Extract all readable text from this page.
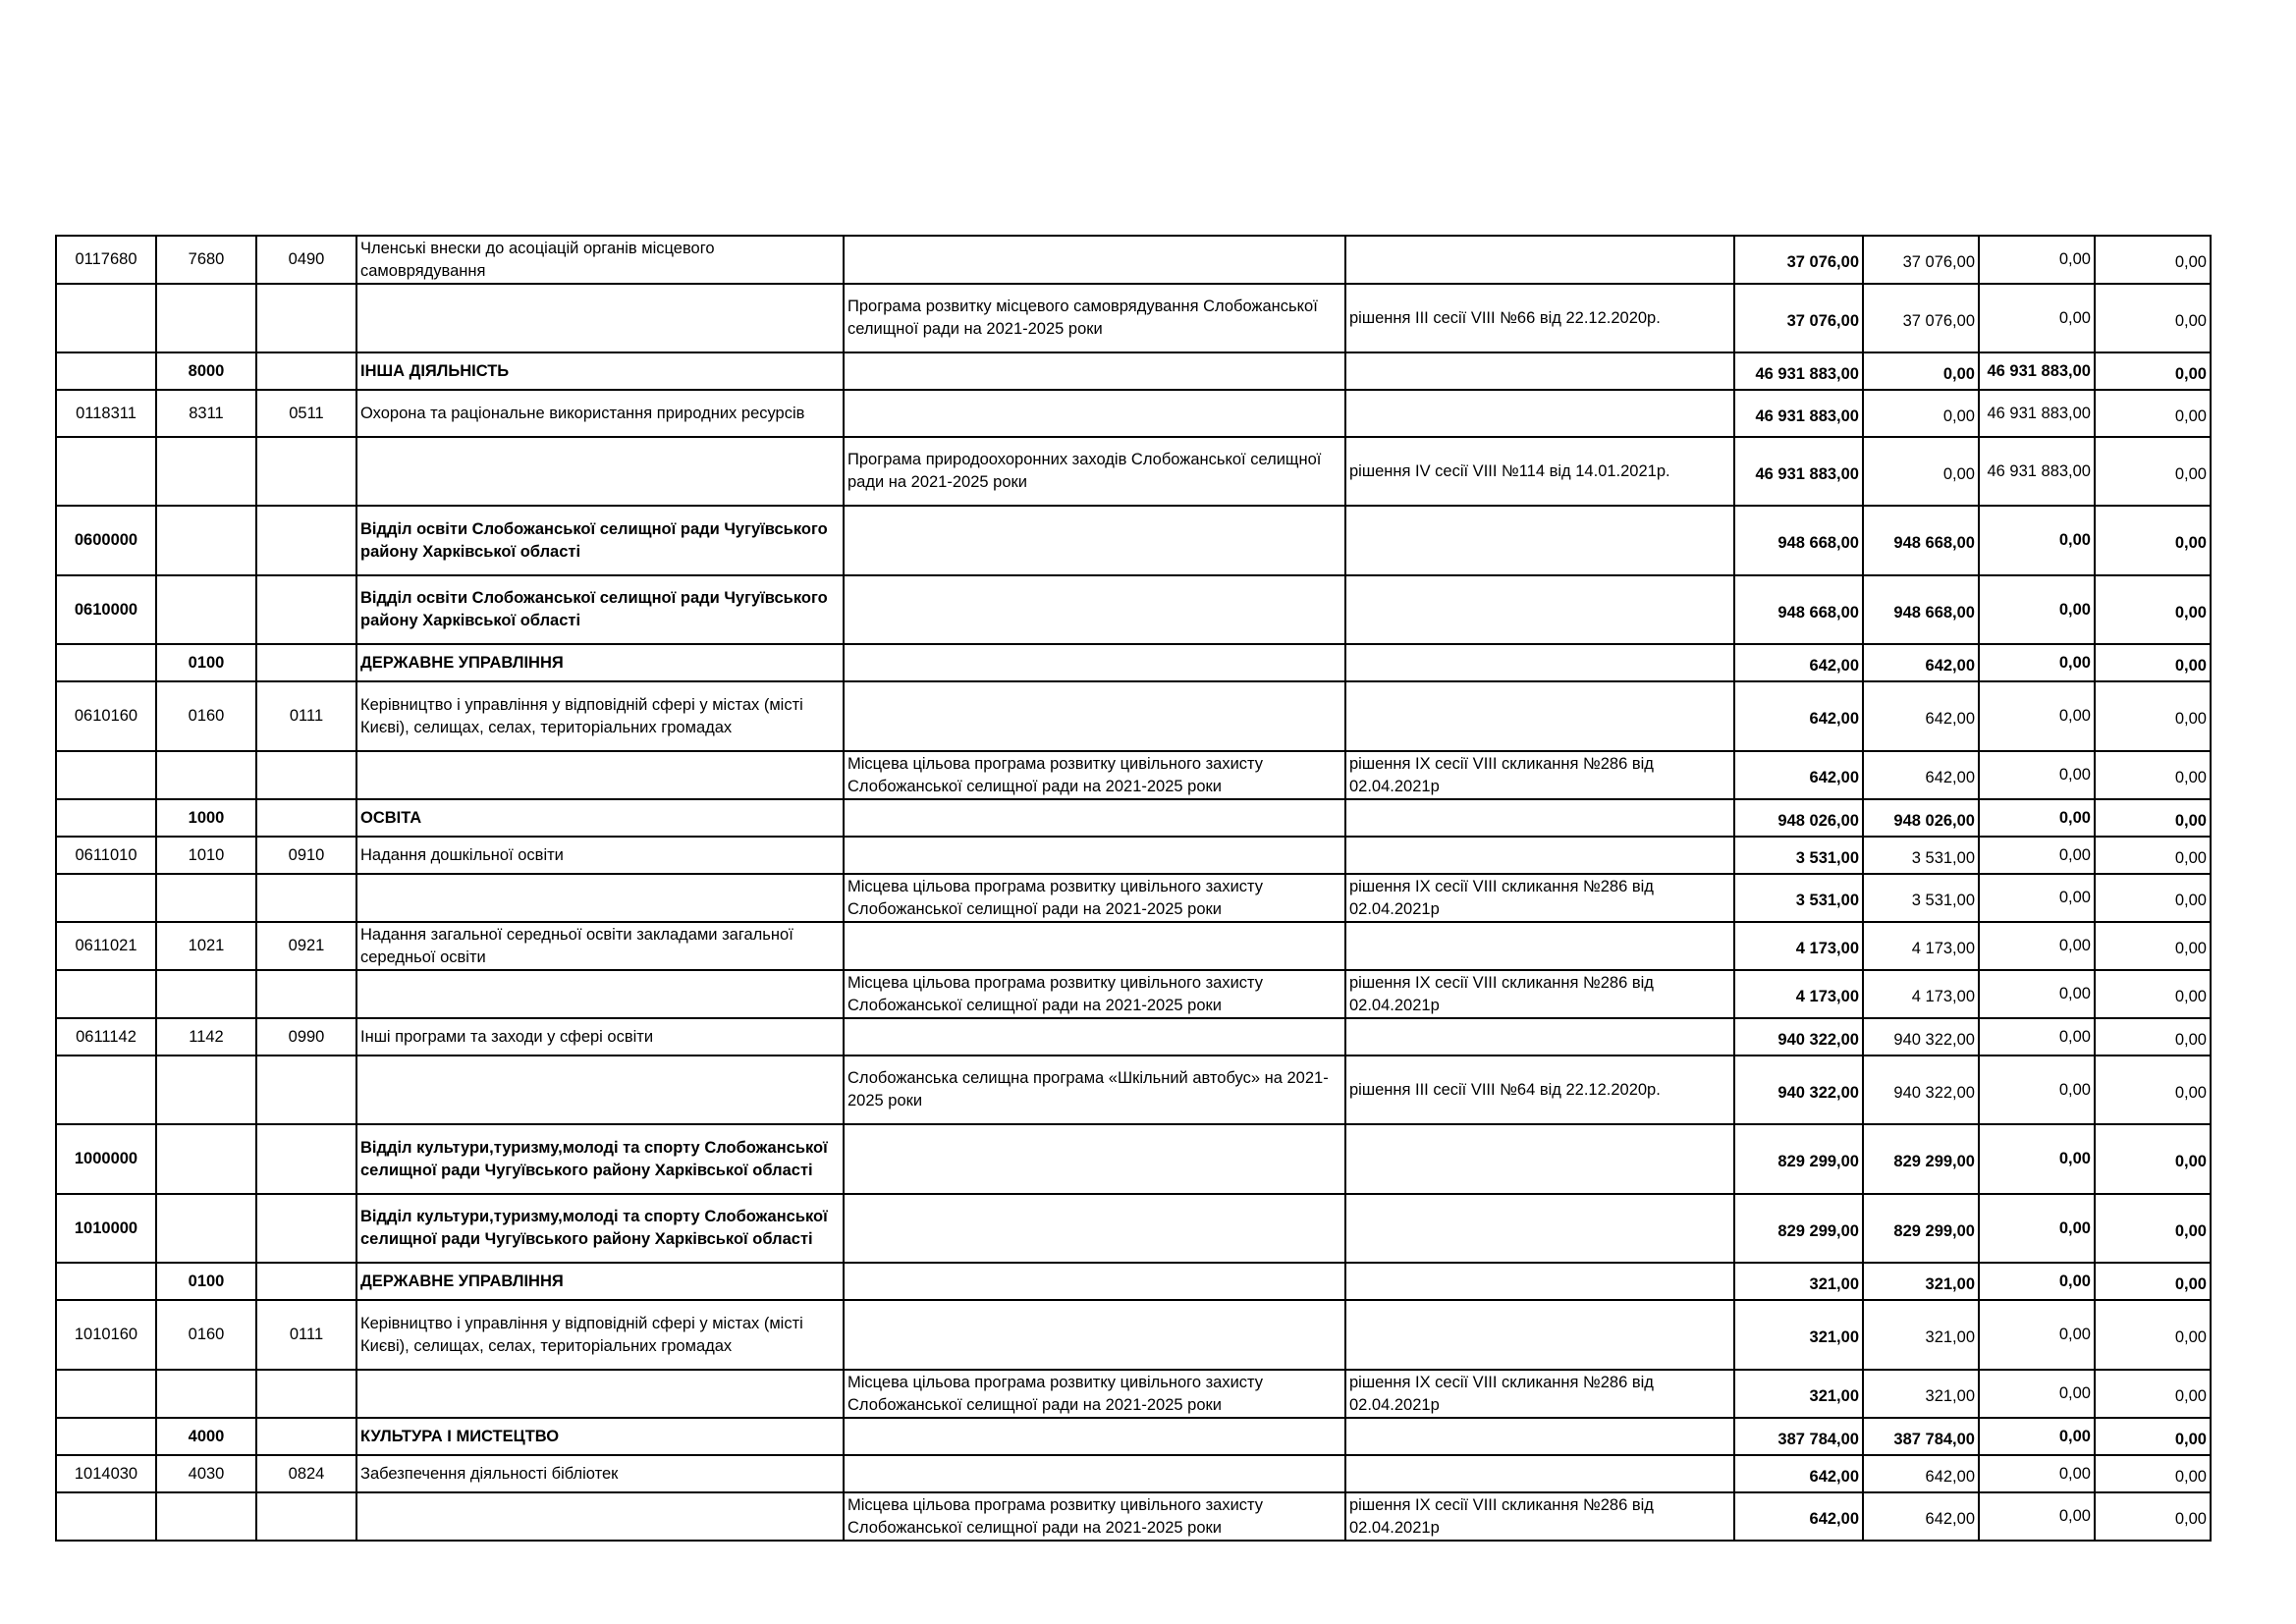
0117680	7680	0490	Членські внески до асоціацій органів місцевого самоврядування			37 076,00	37 076,00	0,00	0,00
				Програма розвитку місцевого самоврядування Слобожанської селищної ради на 2021-2025 роки	рішення III сесії VIII №66 від 22.12.2020р.	37 076,00	37 076,00	0,00	0,00
	8000		ІНША ДІЯЛЬНІСТЬ			46 931 883,00	0,00	46 931 883,00	0,00
0118311	8311	0511	Охорона та раціональне використання природних ресурсів			46 931 883,00	0,00	46 931 883,00	0,00
				Програма природоохоронних заходів Слобожанської селищної ради на 2021-2025 роки	рішення IV сесії VIII №114 від 14.01.2021р.	46 931 883,00	0,00	46 931 883,00	0,00
0600000			Відділ освіти Слобожанської селищної ради Чугуївського району Харківської області			948 668,00	948 668,00	0,00	0,00
0610000			Відділ освіти Слобожанської селищної ради Чугуївського району Харківської області			948 668,00	948 668,00	0,00	0,00
	0100		ДЕРЖАВНЕ УПРАВЛІННЯ			642,00	642,00	0,00	0,00
0610160	0160	0111	Керівництво і управління у відповідній сфері у містах (місті Києві), селищах, селах, територіальних громадах			642,00	642,00	0,00	0,00
				Місцева цільова програма розвитку цивільного захисту Слобожанської селищної ради на 2021-2025 роки	рішення IX сесії VIII скликання №286 від 02.04.2021р	642,00	642,00	0,00	0,00
	1000		ОСВІТА			948 026,00	948 026,00	0,00	0,00
0611010	1010	0910	Надання дошкільної освіти			3 531,00	3 531,00	0,00	0,00
				Місцева цільова програма розвитку цивільного захисту Слобожанської селищної ради на 2021-2025 роки	рішення IX сесії VIII скликання №286 від 02.04.2021р	3 531,00	3 531,00	0,00	0,00
0611021	1021	0921	Надання загальної середньої освіти закладами загальної середньої освіти			4 173,00	4 173,00	0,00	0,00
				Місцева цільова програма розвитку цивільного захисту Слобожанської селищної ради на 2021-2025 роки	рішення IX сесії VIII скликання №286 від 02.04.2021р	4 173,00	4 173,00	0,00	0,00
0611142	1142	0990	Інші програми та заходи у сфері освіти			940 322,00	940 322,00	0,00	0,00
				Слобожанська селищна програма «Шкільний автобус» на 2021-2025 роки	рішення III сесії VIII №64 від 22.12.2020р.	940 322,00	940 322,00	0,00	0,00
1000000			Відділ культури,туризму,молоді та спорту Слобожанської селищної ради Чугуївського району Харківської області			829 299,00	829 299,00	0,00	0,00
1010000			Відділ культури,туризму,молоді та спорту Слобожанської селищної ради Чугуївського району Харківської області			829 299,00	829 299,00	0,00	0,00
	0100		ДЕРЖАВНЕ УПРАВЛІННЯ			321,00	321,00	0,00	0,00
1010160	0160	0111	Керівництво і управління у відповідній сфері у містах (місті Києві), селищах, селах, територіальних громадах			321,00	321,00	0,00	0,00
				Місцева цільова програма розвитку цивільного захисту Слобожанської селищної ради на 2021-2025 роки	рішення IX сесії VIII скликання №286 від 02.04.2021р	321,00	321,00	0,00	0,00
	4000		КУЛЬТУРА І МИСТЕЦТВО			387 784,00	387 784,00	0,00	0,00
1014030	4030	0824	Забезпечення діяльності бібліотек			642,00	642,00	0,00	0,00
				Місцева цільова програма розвитку цивільного захисту Слобожанської селищної ради на 2021-2025 роки	рішення IX сесії VIII скликання №286 від 02.04.2021р	642,00	642,00	0,00	0,00
